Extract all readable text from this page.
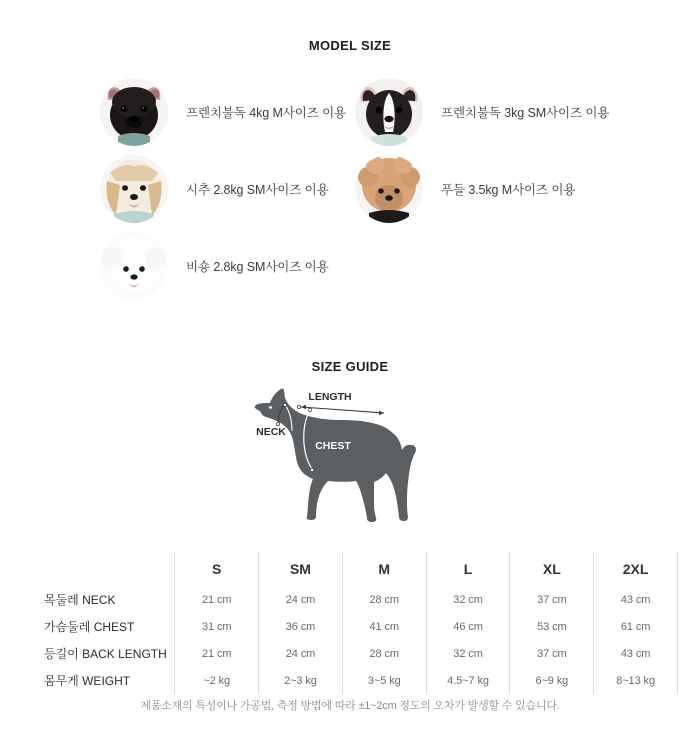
MODEL SIZE
프렌치불독 4kg M사이즈 이용	프렌치불독 3kg SM사이즈 이용
시추 2.8kg SM사이즈 이용	푸들 3.5kg M사이즈 이용
비숑 2.8kg SM사이즈 이용
SIZE GUIDE
LENGTH
NECK
CHEST
	S	SM	M	L	XL	2XL
목둘레 NECK	21 cm	24 cm	28 cm	32 cm	37 cm	43 cm
가슴둘레 CHEST	31 cm	36 cm	41 cm	46 cm	53 cm	61 cm
등길이 BACK LENGTH	21 cm	24 cm	28 cm	32 cm	37 cm	43 cm
몸무게 WEIGHT	~2 kg	2~3 kg	3~5 kg	4.5~7 kg	6~9 kg	8~13 kg
제품소재의 특성이나 가공법, 측정 방법에 따라 ±1~2cm 정도의 오차가 발생할 수 있습니다.
